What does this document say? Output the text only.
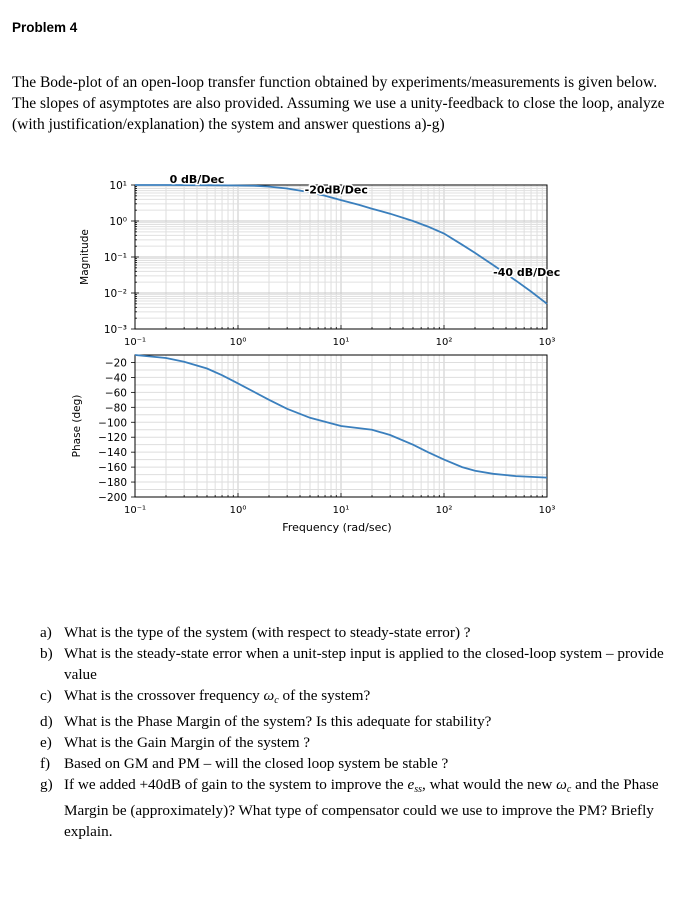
Problem 4

The Bode-plot of an open-loop transfer function obtained by experiments/measurements is given below. The slopes of asymptotes are also provided. Assuming we use a unity-feedback to close the loop, analyze (with justification/explanation) the system and answer questions a)-g)

10¹
10⁰
10⁻¹
10⁻²
10⁻³
10⁻¹	10⁰	10¹	10²	10³
Magnitude
−20
−40
−60
−80
−100
−120
−140
−160
−180
−200
10⁻¹	10⁰	10¹	10²	10³
Phase (deg)
Frequency (rad/sec)
0 dB/Dec
-20dB/Dec
-40 dB/Dec
a) What is the type of the system (with respect to steady-state error) ?
b) What is the steady-state error when a unit-step input is applied to the closed-loop system – provide value
c) What is the crossover frequency $\omega_c$ of the system?
d) What is the Phase Margin of the system? Is this adequate for stability?
e) What is the Gain Margin of the system ?
f) Based on GM and PM – will the closed loop system be stable ?
g) If we added +40dB of gain to the system to improve the $e_{ss}$, what would the new $\omega_c$ and the Phase Margin be (approximately)? What type of compensator could we use to improve the PM? Briefly explain.
